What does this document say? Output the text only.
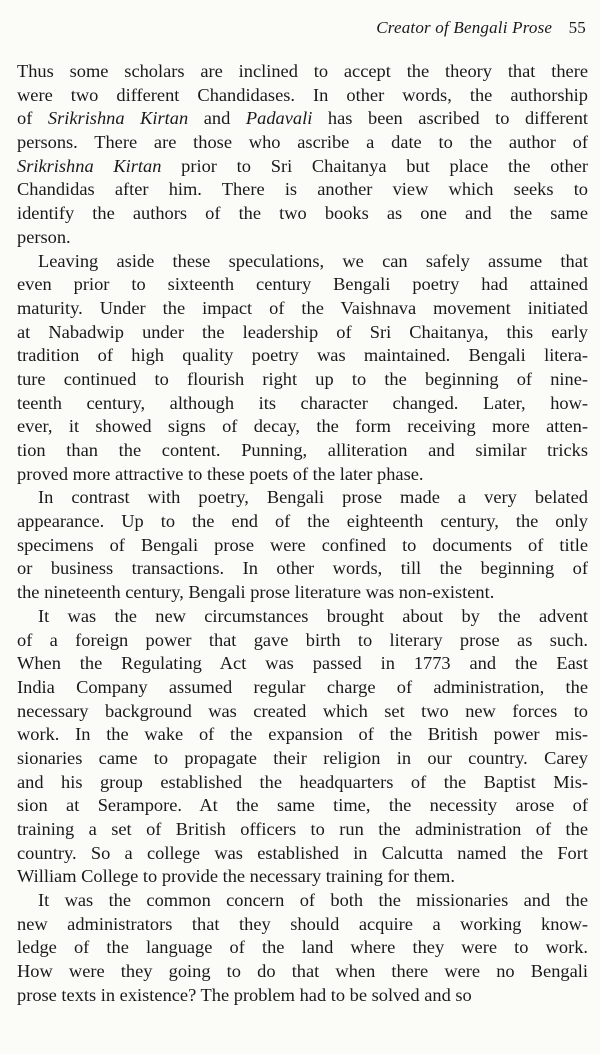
Creator of Bengali Prose 55
Thus some scholars are inclined to accept the theory that there
were two different Chandidases. In other words, the authorship
of Srikrishna Kirtan and Padavali has been ascribed to different
persons. There are those who ascribe a date to the author of
Srikrishna Kirtan prior to Sri Chaitanya but place the other
Chandidas after him. There is another view which seeks to
identify the authors of the two books as one and the same
person.
Leaving aside these speculations, we can safely assume that
even prior to sixteenth century Bengali poetry had attained
maturity. Under the impact of the Vaishnava movement initiated
at Nabadwip under the leadership of Sri Chaitanya, this early
tradition of high quality poetry was maintained. Bengali litera-
ture continued to flourish right up to the beginning of nine-
teenth century, although its character changed. Later, how-
ever, it showed signs of decay, the form receiving more atten-
tion than the content. Punning, alliteration and similar tricks
proved more attractive to these poets of the later phase.
In contrast with poetry, Bengali prose made a very belated
appearance. Up to the end of the eighteenth century, the only
specimens of Bengali prose were confined to documents of title
or business transactions. In other words, till the beginning of
the nineteenth century, Bengali prose literature was non-existent.
It was the new circumstances brought about by the advent
of a foreign power that gave birth to literary prose as such.
When the Regulating Act was passed in 1773 and the East
India Company assumed regular charge of administration, the
necessary background was created which set two new forces to
work. In the wake of the expansion of the British power mis-
sionaries came to propagate their religion in our country. Carey
and his group established the headquarters of the Baptist Mis-
sion at Serampore. At the same time, the necessity arose of
training a set of British officers to run the administration of the
country. So a college was established in Calcutta named the Fort
William College to provide the necessary training for them.
It was the common concern of both the missionaries and the
new administrators that they should acquire a working know-
ledge of the language of the land where they were to work.
How were they going to do that when there were no Bengali
prose texts in existence? The problem had to be solved and so
